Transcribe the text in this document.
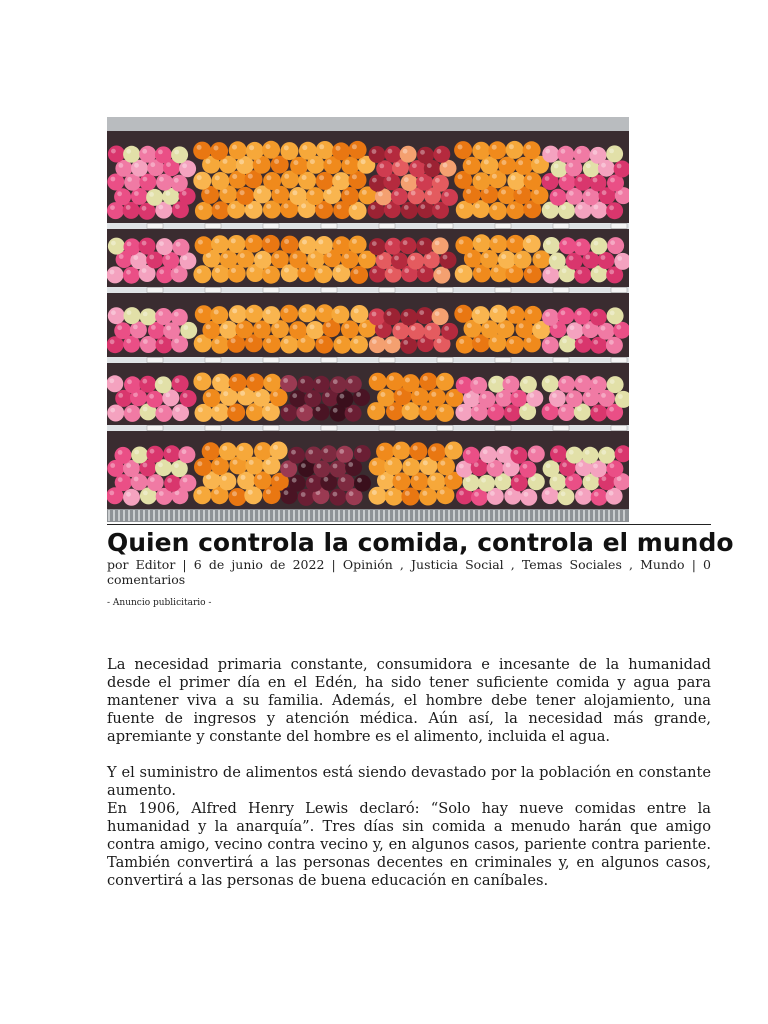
Quien controla la comida, controla el mundo
por Editor | 6 de junio de 2022 | Opinión , Justicia Social , Temas Sociales , Mundo | 0 comentarios
- Anuncio publicitario -

La necesidad primaria constante, consumidora e incesante de la humanidad desde el primer día en el Edén, ha sido tener suficiente comida y agua para mantener viva a su familia. Además, el hombre debe tener alojamiento, una fuente de ingresos y atención médica. Aún así, la necesidad más grande, apremiante y constante del hombre es el alimento, incluida el agua.

Y el suministro de alimentos está siendo devastado por la población en constante aumento.

En 1906, Alfred Henry Lewis declaró: “Solo hay nueve comidas entre la humanidad y la anarquía”. Tres días sin comida a menudo harán que amigo contra amigo, vecino contra vecino y, en algunos casos, pariente contra pariente. También convertirá a las personas decentes en criminales y, en algunos casos, convertirá a las personas de buena educación en caníbales.
